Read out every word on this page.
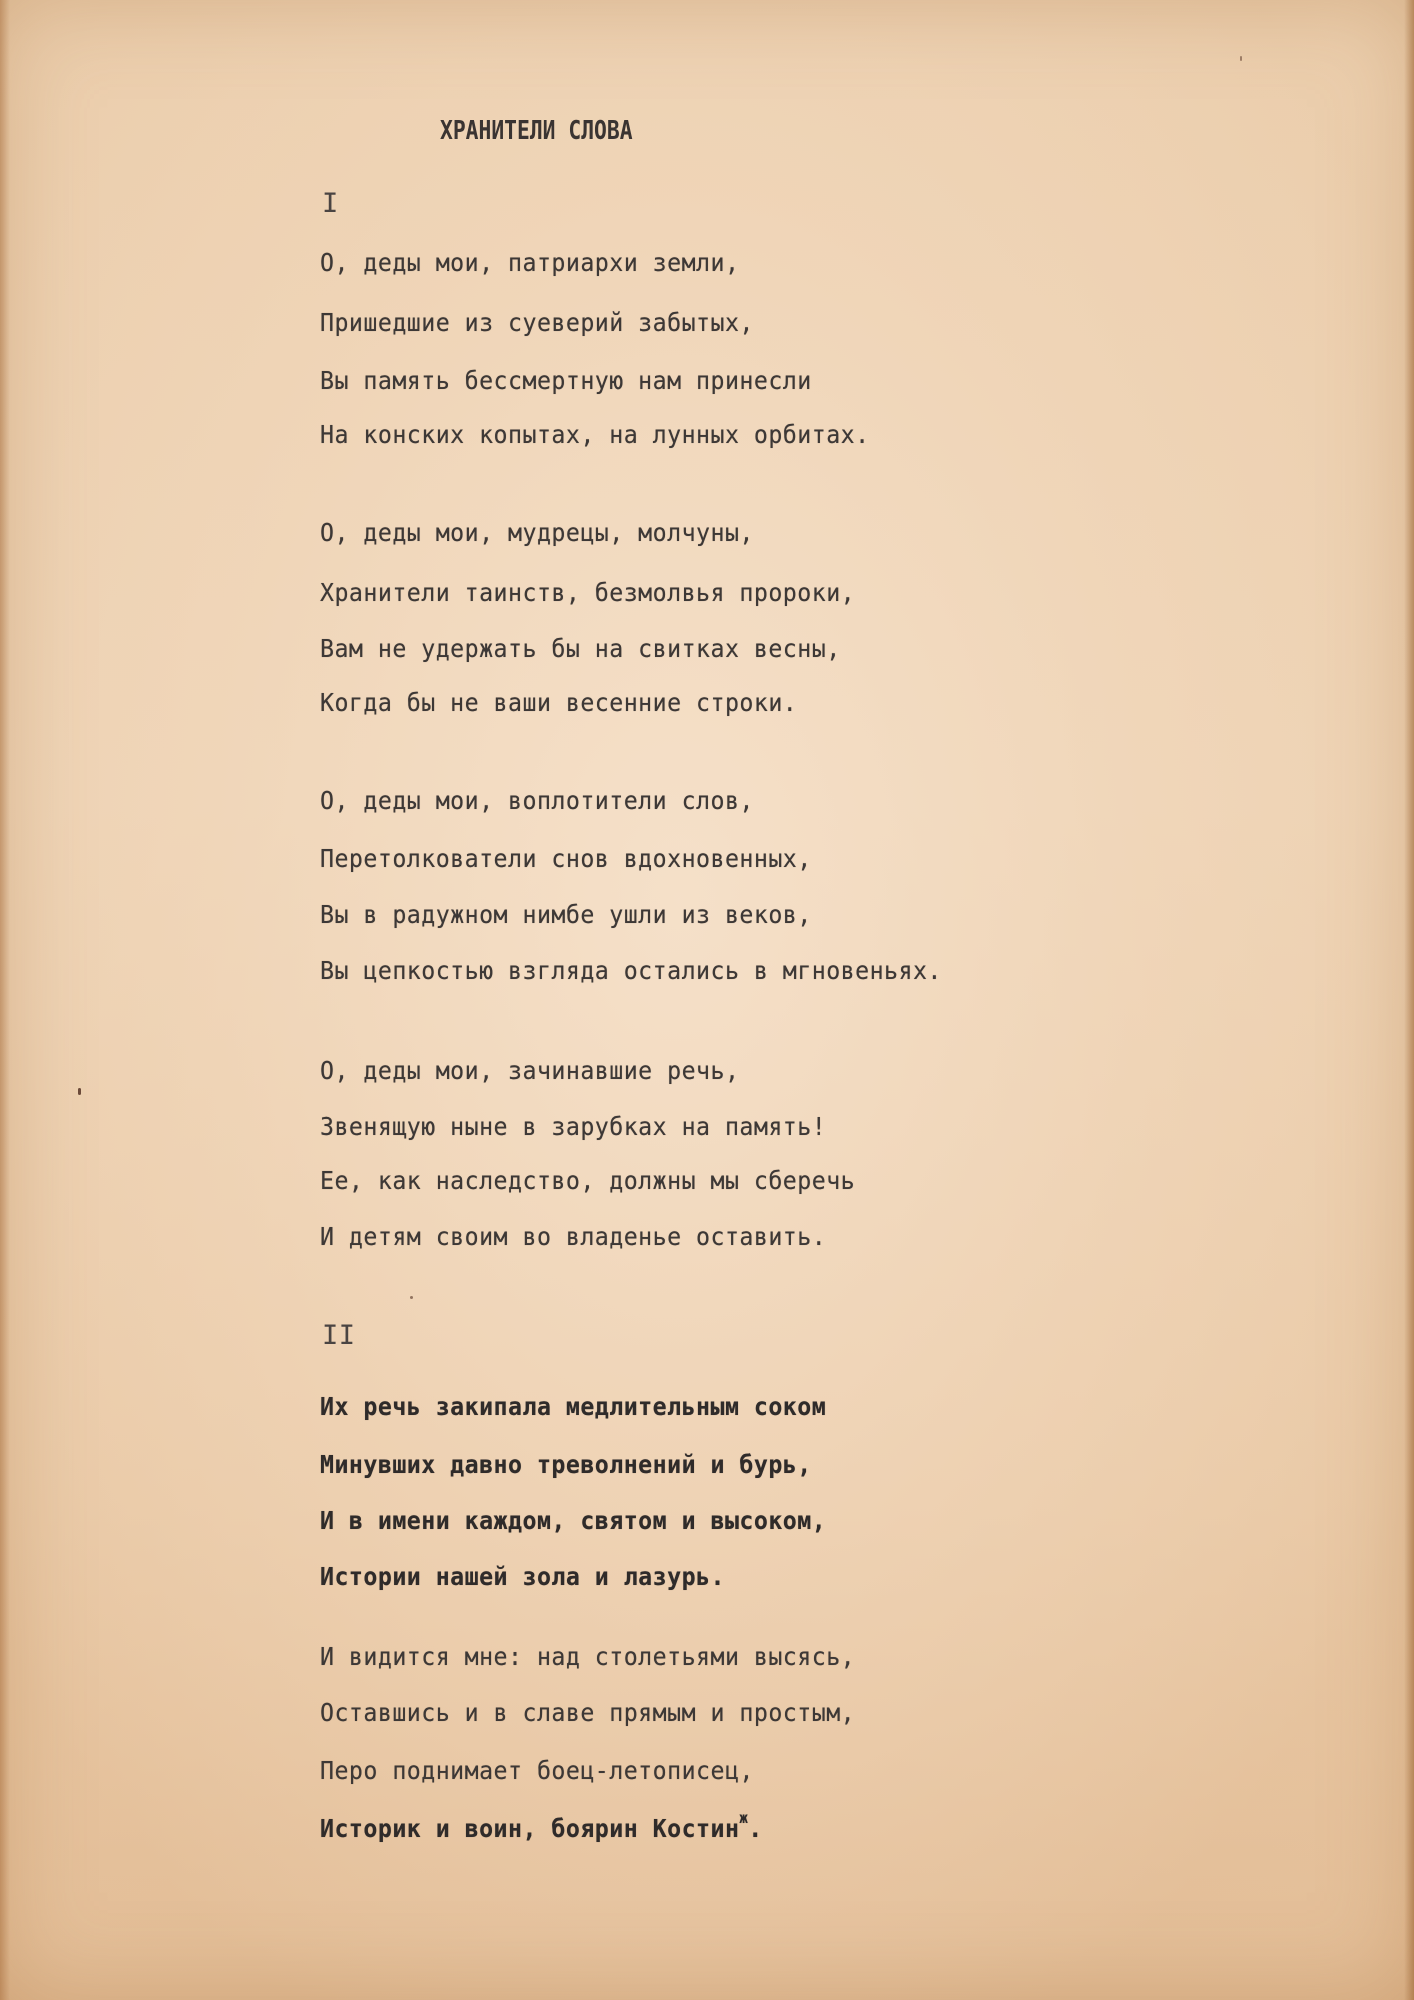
ХРАНИТЕЛИ СЛОВА
I
О, деды мои, патриархи земли,
Пришедшие из суеверий забытых,
Вы память бессмертную нам принесли
На конских копытах, на лунных орбитах.
О, деды мои, мудрецы, молчуны,
Хранители таинств, безмолвья пророки,
Вам не удержать бы на свитках весны,
Когда бы не ваши весенние строки.
О, деды мои, воплотители слов,
Перетолкователи снов вдохновенных,
Вы в радужном нимбе ушли из веков,
Вы цепкостью взгляда остались в мгновеньях.
О, деды мои, зачинавшие речь,
Звенящую ныне в зарубках на память!
Ее, как наследство, должны мы сберечь
И детям своим во владенье оставить.
II
Их речь закипала медлительным соком
Минувших давно треволнений и бурь,
И в имени каждом, святом и высоком,
Истории нашей зола и лазурь.
И видится мне: над столетьями высясь,
Оставшись и в славе прямым и простым,
Перо поднимает боец-летописец,
Историк и воин, боярин Костин$^ж$.
